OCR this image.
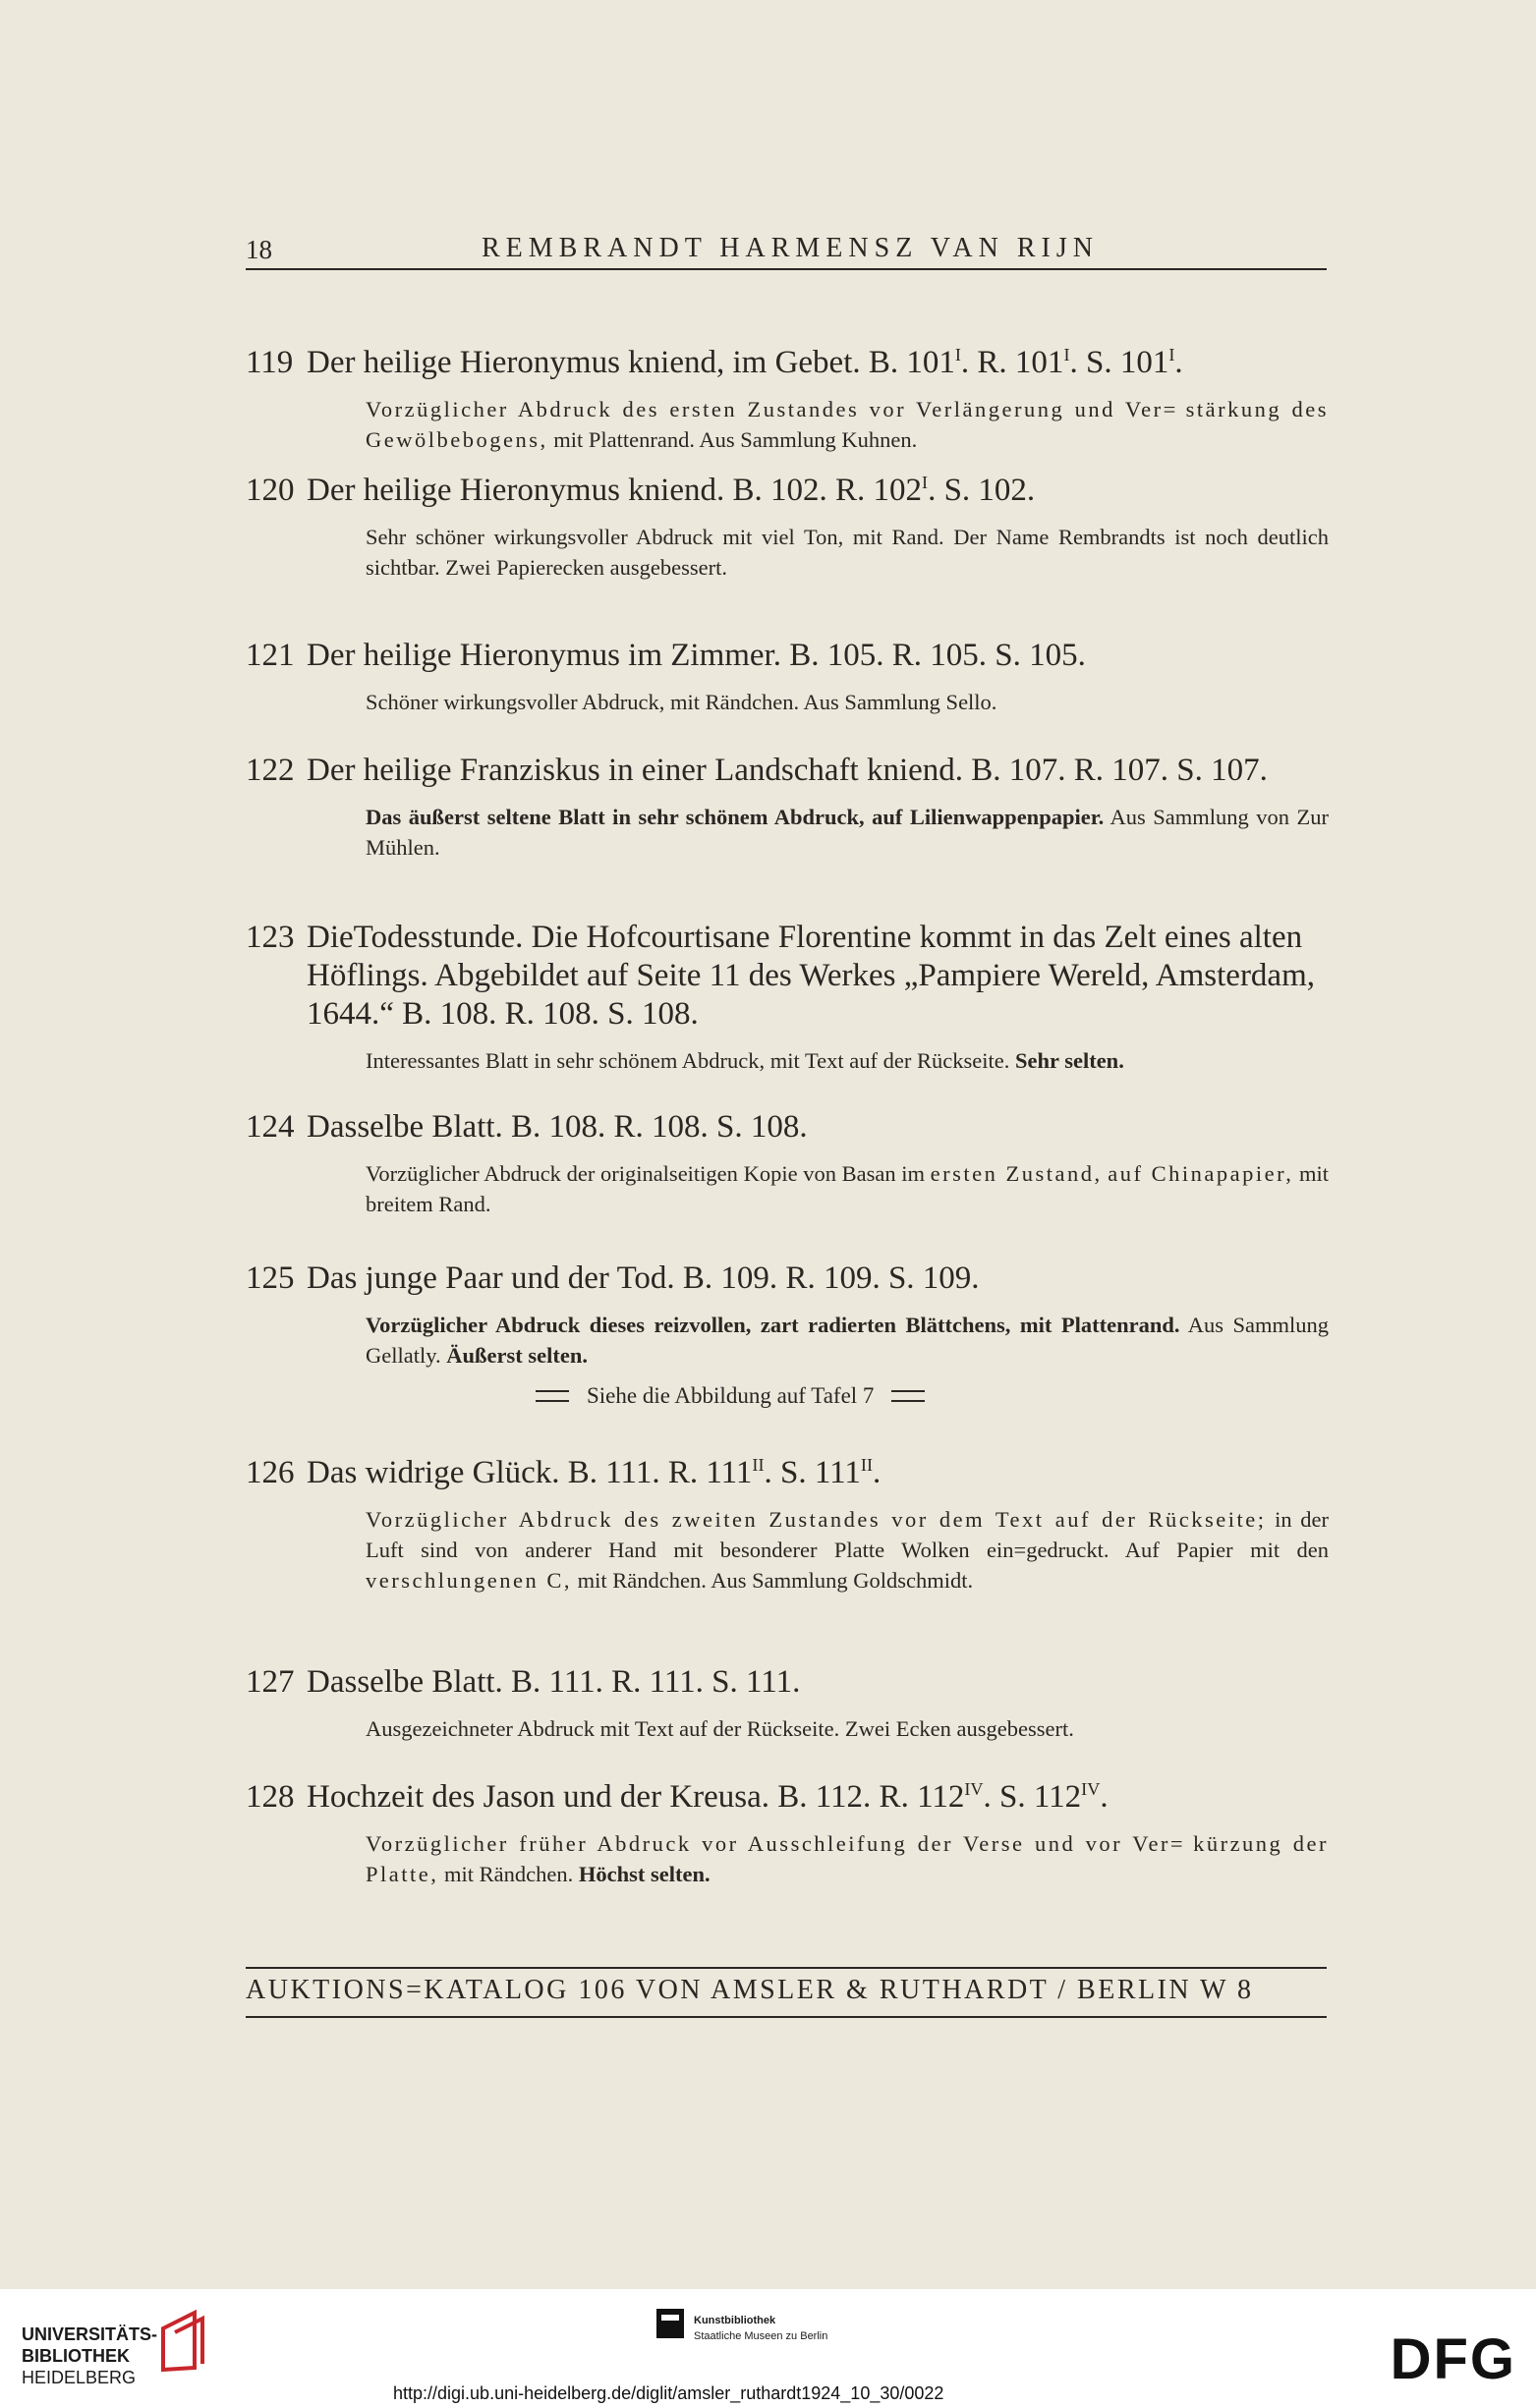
18	REMBRANDT HARMENSZ VAN RIJN
119 Der heilige Hieronymus kniend, im Gebet. B. $101^I$. R. $101^I$. S. $101^I$.
Vorzüglicher Abdruck des ersten Zustandes vor Verlängerung und Ver= stärkung des Gewölbebogens, mit Plattenrand. Aus Sammlung Kuhnen.
120 Der heilige Hieronymus kniend. B. 102. R. $102^I$. S. 102.
Sehr schöner wirkungsvoller Abdruck mit viel Ton, mit Rand. Der Name Rembrandts ist noch deutlich sichtbar. Zwei Papierecken ausgebessert.
121 Der heilige Hieronymus im Zimmer. B. 105. R. 105. S. 105.
Schöner wirkungsvoller Abdruck, mit Rändchen. Aus Sammlung Sello.
122 Der heilige Franziskus in einer Landschaft kniend. B. 107. R. 107. S. 107.
Das äußerst seltene Blatt in sehr schönem Abdruck, auf Lilienwappenpapier. Aus Sammlung von Zur Mühlen.
123 DieTodesstunde. Die Hofcourtisane Florentine kommt in das Zelt eines alten
Höflings. Abgebildet auf Seite 11 des Werkes „Pampiere Wereld, Amsterdam,
1644.“ B. 108. R. 108. S. 108.
Interessantes Blatt in sehr schönem Abdruck, mit Text auf der Rückseite. Sehr selten.
124 Dasselbe Blatt. B. 108. R. 108. S. 108.
Vorzüglicher Abdruck der originalseitigen Kopie von Basan im ersten Zustand, auf Chinapapier, mit breitem Rand.
125 Das junge Paar und der Tod. B. 109. R. 109. S. 109.
Vorzüglicher Abdruck dieses reizvollen, zart radierten Blättchens, mit Plattenrand. Aus Sammlung Gellatly. Äußerst selten.
126 Das widrige Glück. B. 111. R. $111^{II}$. S. $111^{II}$.
Vorzüglicher Abdruck des zweiten Zustandes vor dem Text auf der Rückseite; in der Luft sind von anderer Hand mit besonderer Platte Wolken ein=gedruckt. Auf Papier mit den verschlungenen C, mit Rändchen. Aus Sammlung Goldschmidt.
127 Dasselbe Blatt. B. 111. R. 111. S. 111.
Ausgezeichneter Abdruck mit Text auf der Rückseite. Zwei Ecken ausgebessert.
128 Hochzeit des Jason und der Kreusa. B. 112. R. $112^{IV}$. S. $112^{IV}$.
Vorzüglicher früher Abdruck vor Ausschleifung der Verse und vor Ver= kürzung der Platte, mit Rändchen. Höchst selten.
Siehe die Abbildung auf Tafel 7
AUKTIONS=KATALOG 106 VON AMSLER & RUTHARDT / BERLIN W 8
UNIVERSITÄTS-
BIBLIOTHEK
HEIDELBERG
Kunstbibliothek
Staatliche Museen zu Berlin	DFG
http://digi.ub.uni-heidelberg.de/diglit/amsler_ruthardt1924_10_30/0022
